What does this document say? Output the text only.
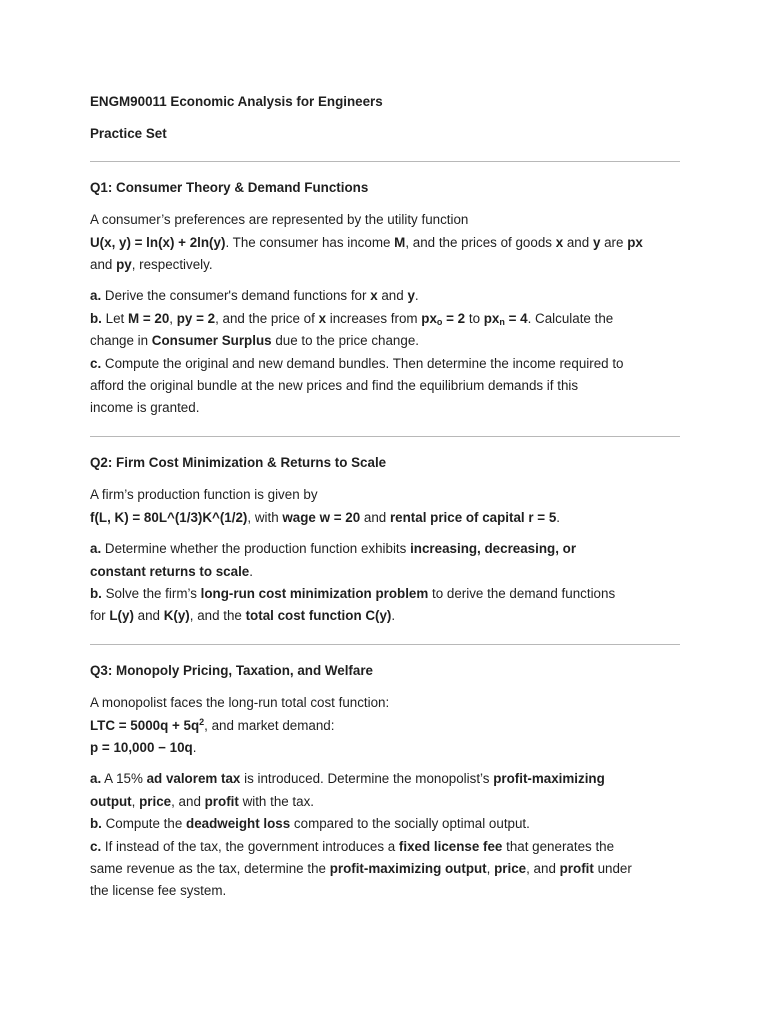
ENGM90011 Economic Analysis for Engineers
Practice Set
Q1: Consumer Theory & Demand Functions
A consumer’s preferences are represented by the utility function
U(x, y) = ln(x) + 2ln(y). The consumer has income M, and the prices of goods x and y are px
and py, respectively.
a. Derive the consumer's demand functions for x and y.
b. Let M = 20, py = 2, and the price of x increases from $px_o = 2$ to $px_n = 4$. Calculate the
change in Consumer Surplus due to the price change.
c. Compute the original and new demand bundles. Then determine the income required to
afford the original bundle at the new prices and find the equilibrium demands if this
income is granted.
Q2: Firm Cost Minimization & Returns to Scale
A firm’s production function is given by
f(L, K) = 80L^(1/3)K^(1/2), with wage w = 20 and rental price of capital r = 5.
a. Determine whether the production function exhibits increasing, decreasing, or
constant returns to scale.
b. Solve the firm’s long-run cost minimization problem to derive the demand functions
for L(y) and K(y), and the total cost function C(y).
Q3: Monopoly Pricing, Taxation, and Welfare
A monopolist faces the long-run total cost function:
LTC = $5000q + 5q^2$, and market demand:
p = 10,000 − 10q.
a. A 15% ad valorem tax is introduced. Determine the monopolist’s profit-maximizing
output, price, and profit with the tax.
b. Compute the deadweight loss compared to the socially optimal output.
c. If instead of the tax, the government introduces a fixed license fee that generates the
same revenue as the tax, determine the profit-maximizing output, price, and profit under
the license fee system.
